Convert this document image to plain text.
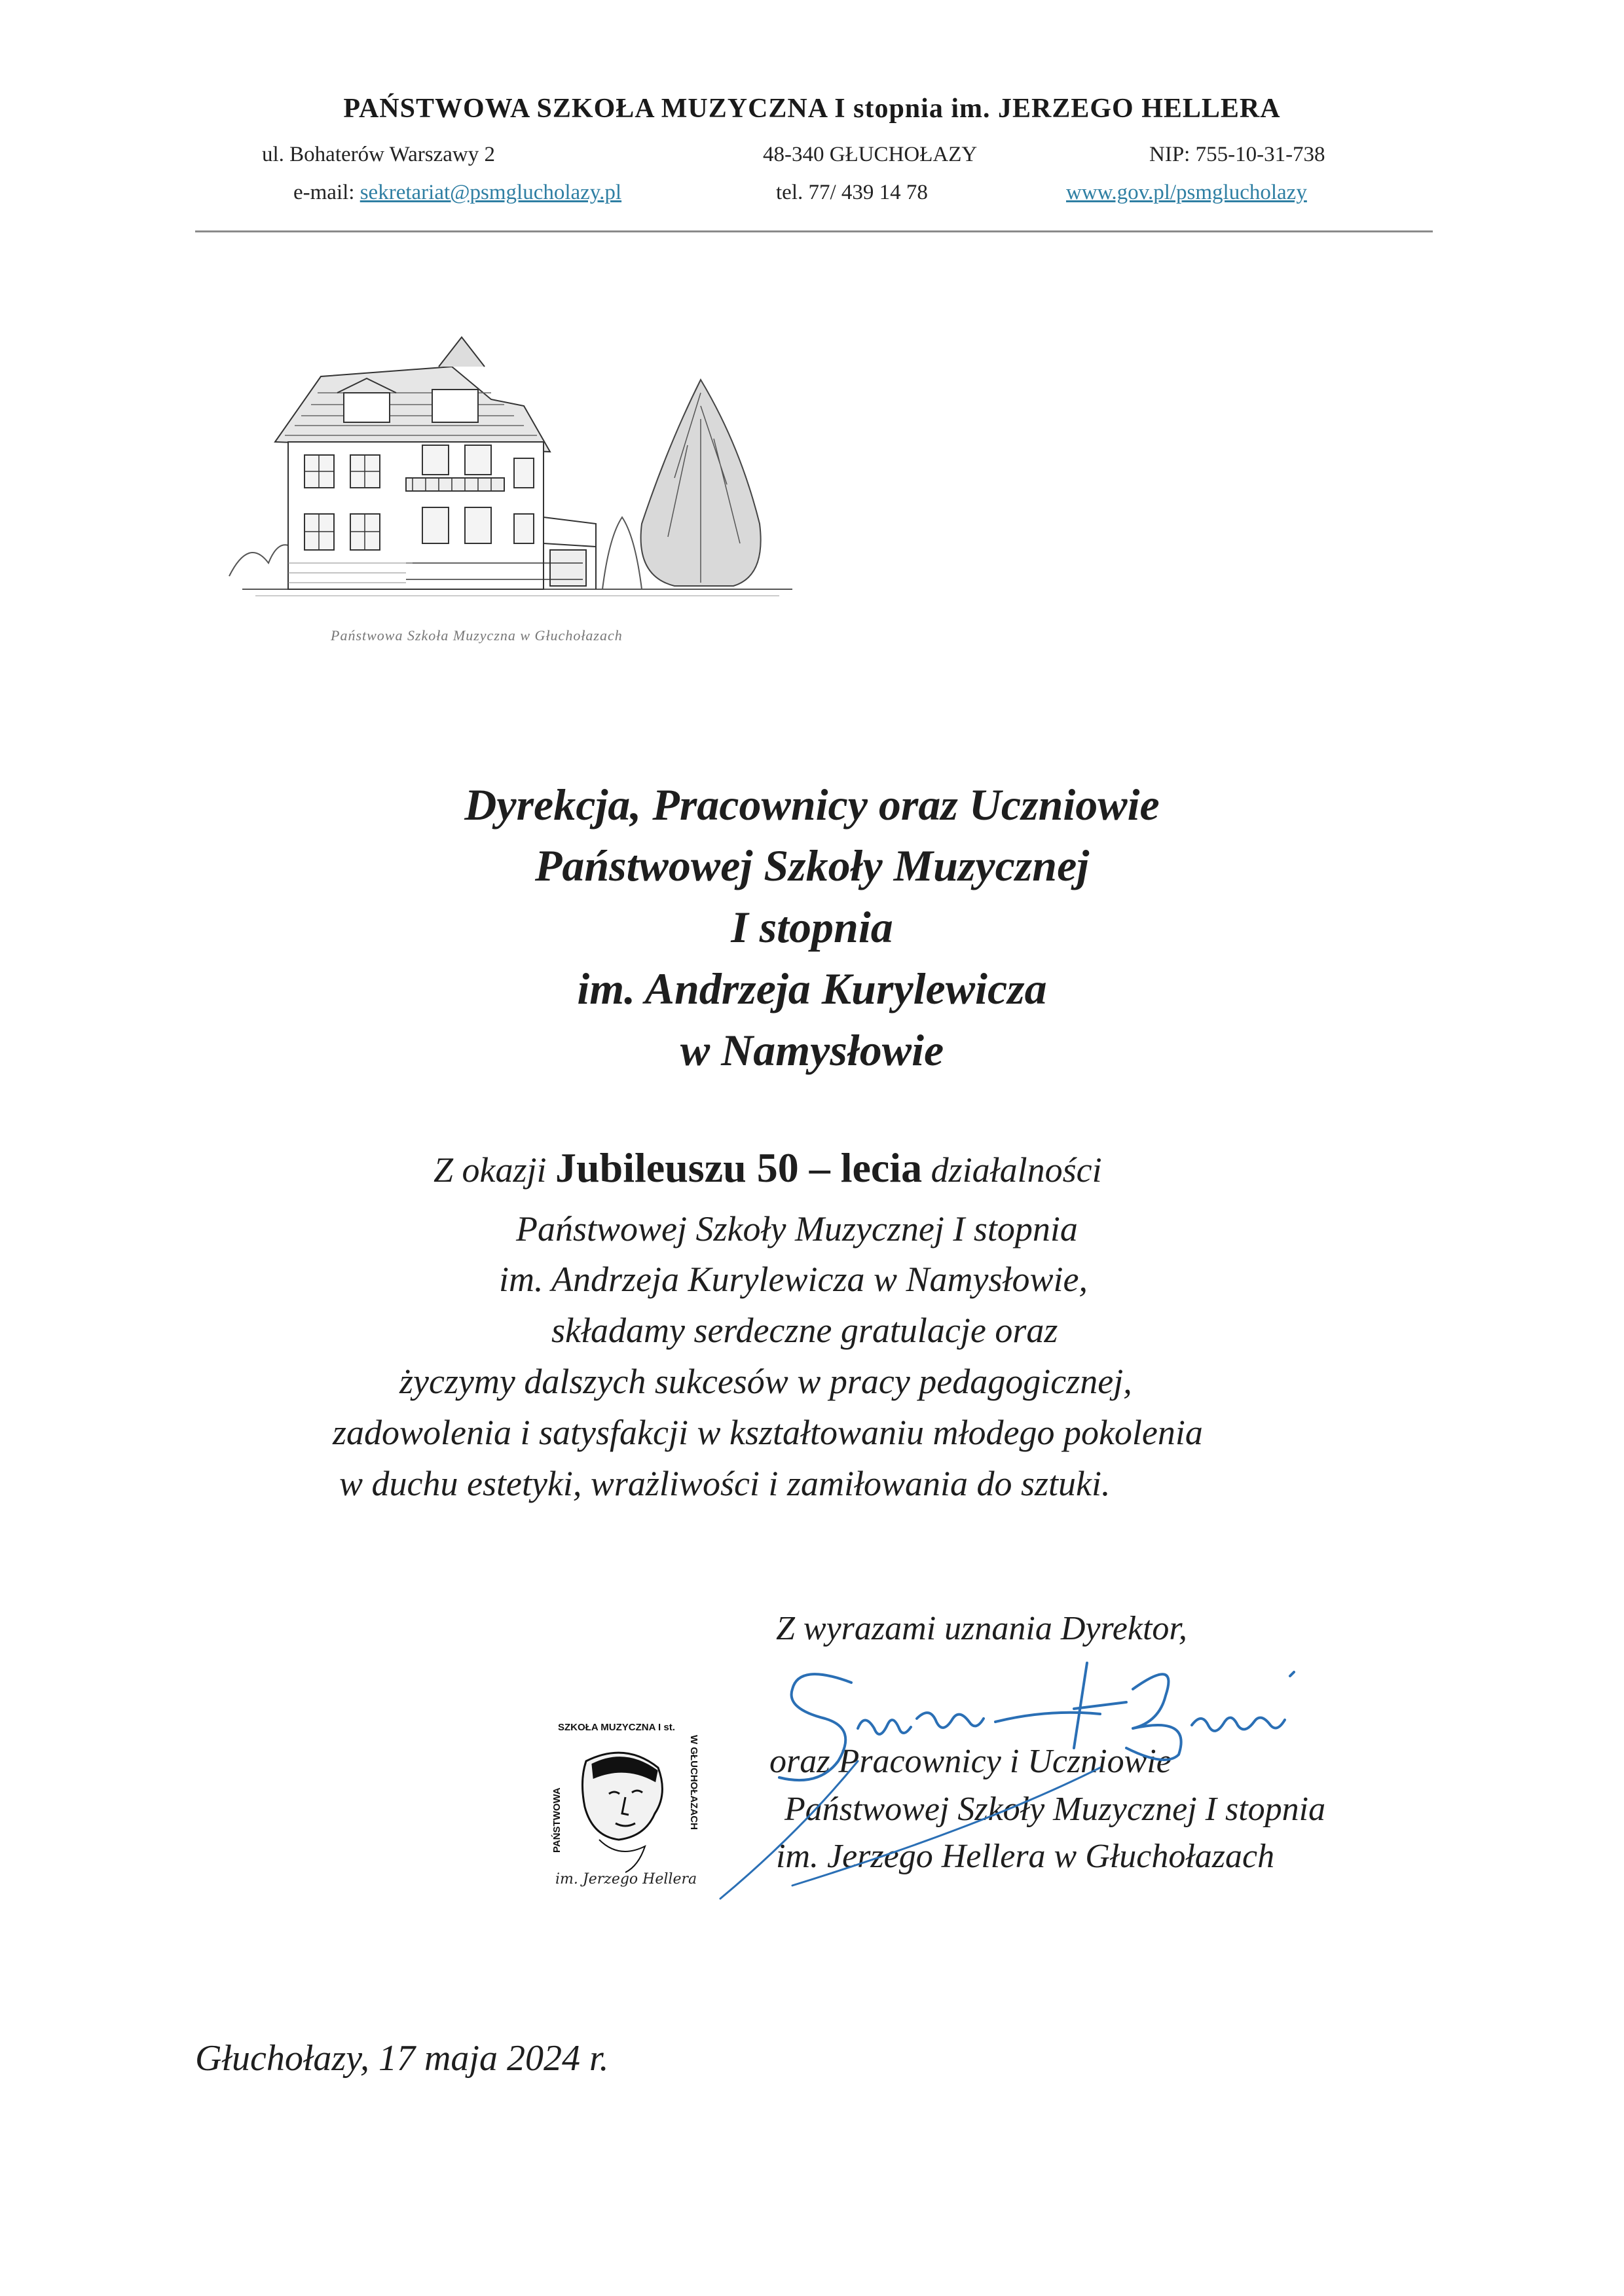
PAŃSTWOWA SZKOŁA MUZYCZNA I stopnia im. JERZEGO HELLERA
ul. Bohaterów Warszawy 2	48-340 GŁUCHOŁAZY	NIP: 755-10-31-738
e-mail: sekretariat@psmglucholazy.pl	tel. 77/ 439 14 78	www.gov.pl/psmglucholazy
Państwowa Szkoła Muzyczna w Głuchołazach
Dyrekcja, Pracownicy oraz Uczniowie
Państwowej Szkoły Muzycznej
I stopnia
im. Andrzeja Kurylewicza
w Namysłowie
Z okazji Jubileuszu 50 – lecia działalności
Państwowej Szkoły Muzycznej I stopnia
im. Andrzeja Kurylewicza w Namysłowie,
składamy serdeczne gratulacje oraz
życzymy dalszych sukcesów w pracy pedagogicznej,
zadowolenia i satysfakcji w kształtowaniu młodego pokolenia
w duchu estetyki, wrażliwości i zamiłowania do sztuki.
Z wyrazami uznania Dyrektor,
oraz Pracownicy i Uczniowie
Państwowej Szkoły Muzycznej I stopnia
im. Jerzego Hellera w Głuchołazach
SZKOŁA MUZYCZNA I st.
PAŃSTWOWA	W GŁUCHOŁAZACH
im. Jerzego Hellera
Głuchołazy, 17 maja 2024 r.
